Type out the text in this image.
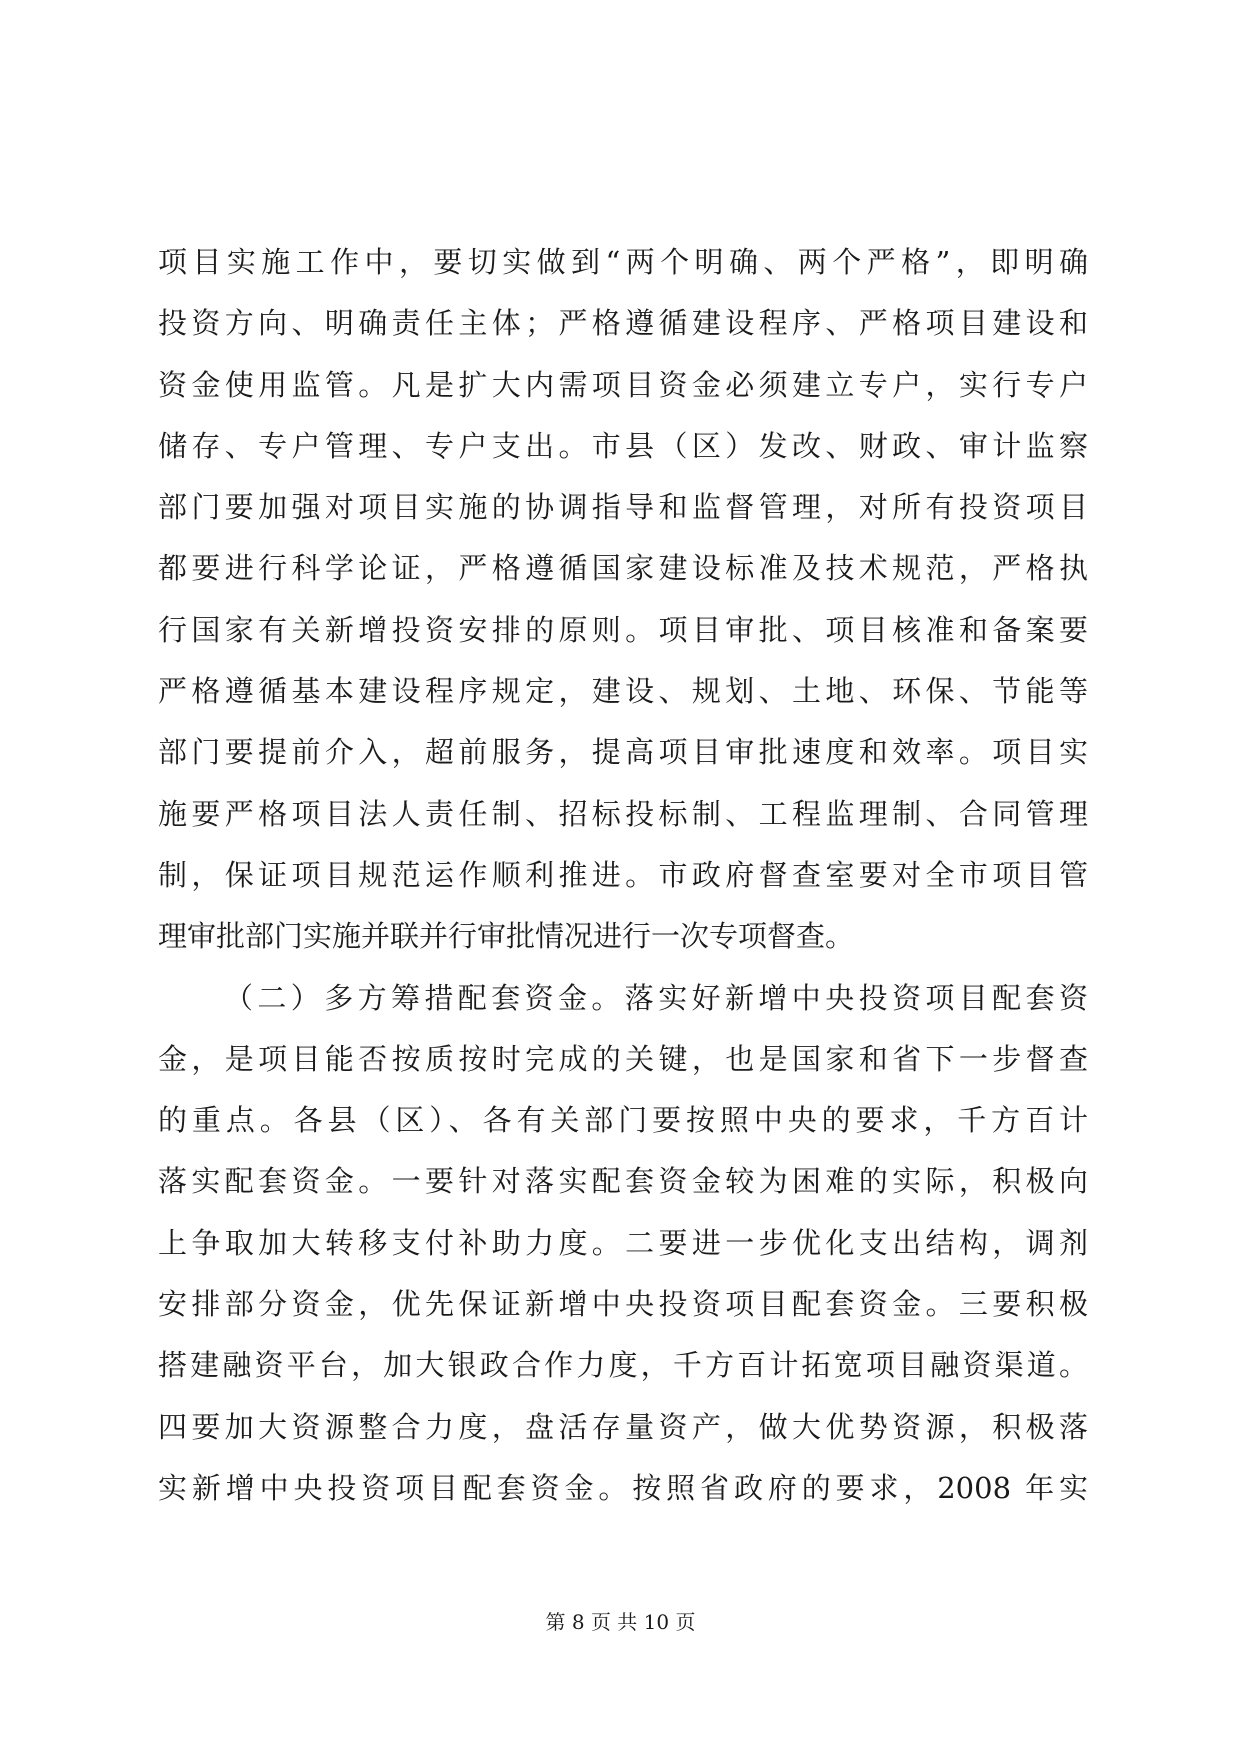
项目实施工作中，要切实做到“两个明确、两个严格”，即明确
投资方向、明确责任主体；严格遵循建设程序、严格项目建设和
资金使用监管。凡是扩大内需项目资金必须建立专户，实行专户
储存、专户管理、专户支出。市县（区）发改、财政、审计监察
部门要加强对项目实施的协调指导和监督管理，对所有投资项目
都要进行科学论证，严格遵循国家建设标准及技术规范，严格执
行国家有关新增投资安排的原则。项目审批、项目核准和备案要
严格遵循基本建设程序规定，建设、规划、土地、环保、节能等
部门要提前介入，超前服务，提高项目审批速度和效率。项目实
施要严格项目法人责任制、招标投标制、工程监理制、合同管理
制，保证项目规范运作顺利推进。市政府督查室要对全市项目管
理审批部门实施并联并行审批情况进行一次专项督查。
（二）多方筹措配套资金。落实好新增中央投资项目配套资
金，是项目能否按质按时完成的关键，也是国家和省下一步督查
的重点。各县（区）、各有关部门要按照中央的要求，千方百计
落实配套资金。一要针对落实配套资金较为困难的实际，积极向
上争取加大转移支付补助力度。二要进一步优化支出结构，调剂
安排部分资金，优先保证新增中央投资项目配套资金。三要积极
搭建融资平台，加大银政合作力度，千方百计拓宽项目融资渠道。
四要加大资源整合力度，盘活存量资产，做大优势资源，积极落
实新增中央投资项目配套资金。按照省政府的要求，2008 年实
第 8 页 共 10 页
